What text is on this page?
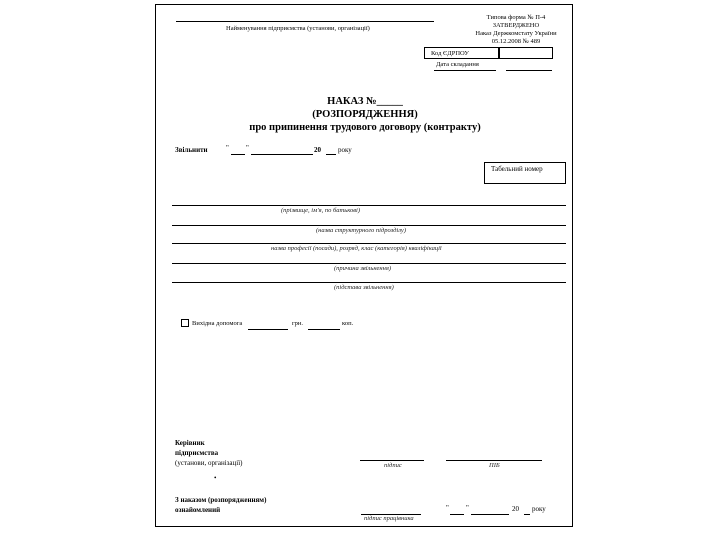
Найменування підприємства (установи, організації)
Типова форма № П-4
ЗАТВЕРДЖЕНО
Наказ Держкомстату України
05.12.2008 № 489
Код ЄДРПОУ
Дата складання
НАКАЗ №_____
(РОЗПОРЯДЖЕННЯ)
про припинення трудового договору (контракту)
Звільнити	" "	20 року
Табельний номер
(прізвище, ім'я, по батькові)
(назва структурного підрозділу)
назва професії (посади), розряд, клас (категорія) кваліфікації
(причина звільнення)
(підстава звільнення)
Вихідна допомога	грн.	коп.
Керівник
підприємства
(установи, організації)	підпис	ПІБ
•
З наказом (розпорядженням)
ознайомлений
підпис працівника
" "	20 року
